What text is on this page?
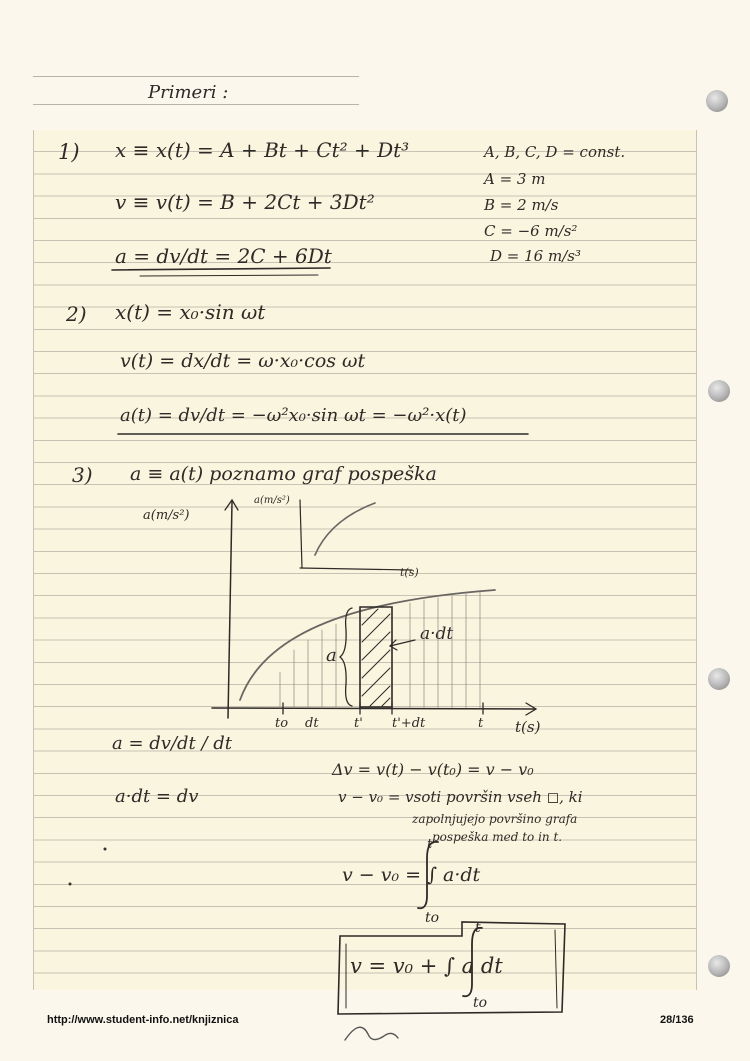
Primeri :
1) x ≡ x(t) = A + Bt + Ct² + Dt³
v ≡ v(t) = B + 2Ct + 3Dt²
a = dv/dt = 2C + 6Dt
A, B, C, D = const.
A = 3 m
B = 2 m/s
C = −6 m/s²
D = 16 m/s³
2) x(t) = x₀·sin ωt
v(t) = dx/dt = ω·x₀·cos ωt
a(t) = dv/dt = −ω²x₀·sin ωt = −ω²·x(t)
3) a ≡ a(t) poznamo graf pospeška
a(m/s²)
t(s)
a(m/s²)
t(s)
a
a·dt
to dt	t' t'+dt	t
a = dv/dt / dt
a·dt = dv
Δv = v(t) − v(t₀) = v − v₀
v − v₀ = vsoti površin vseh ◻, ki
zapolnjujejo površino grafa
pospeška med to in t.
v − v₀ = ∫ a·dt
t
to
v = v₀ + ∫ a dt
t
to
http://www.student-info.net/knjiznica	28/136
